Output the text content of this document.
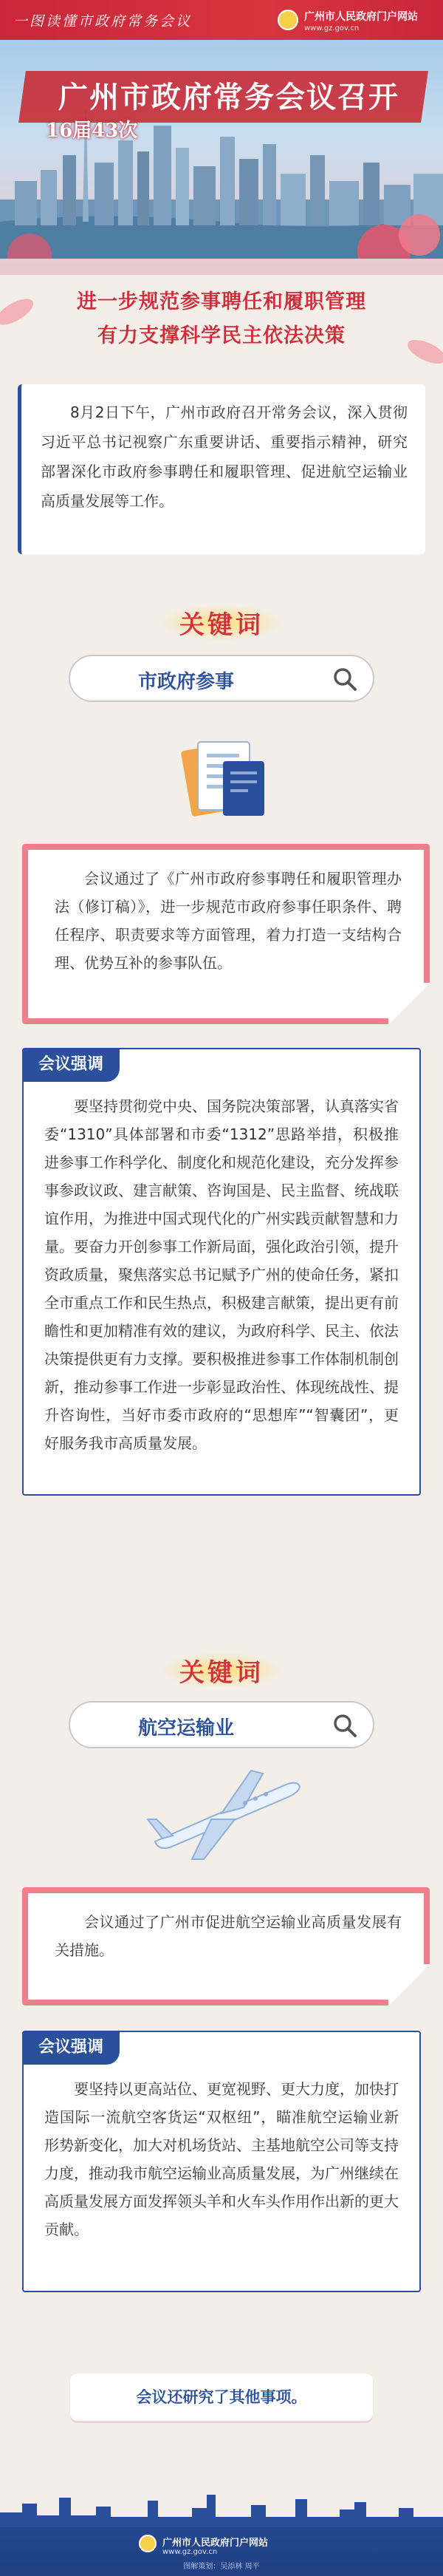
一图读懂市政府常务会议	广州市人民政府门户网站
www.gz.gov.cn
广州市政府常务会议召开
16届43次
进一步规范参事聘任和履职管理
有力支撑科学民主依法决策

8月2日下午，广州市政府召开常务会议，深入贯彻习近平总书记视察广东重要讲话、重要指示精神，研究部署深化市政府参事聘任和履职管理、促进航空运输业高质量发展等工作。

关键词
市政府参事

会议通过了《广州市政府参事聘任和履职管理办法（修订稿）》，进一步规范市政府参事任职条件、聘任程序、职责要求等方面管理，着力打造一支结构合理、优势互补的参事队伍。

会议强调

要坚持贯彻党中央、国务院决策部署，认真落实省委“1310”具体部署和市委“1312”思路举措，积极推进参事工作科学化、制度化和规范化建设，充分发挥参事参政议政、建言献策、咨询国是、民主监督、统战联谊作用，为推进中国式现代化的广州实践贡献智慧和力量。要奋力开创参事工作新局面，强化政治引领，提升资政质量，聚焦落实总书记赋予广州的使命任务，紧扣全市重点工作和民生热点，积极建言献策，提出更有前瞻性和更加精准有效的建议，为政府科学、民主、依法决策提供更有力支撑。要积极推进参事工作体制机制创新，推动参事工作进一步彰显政治性、体现统战性、提升咨询性，当好市委市政府的“思想库”“智囊团”，更好服务我市高质量发展。

关键词
航空运输业

会议通过了广州市促进航空运输业高质量发展有关措施。

会议强调

要坚持以更高站位、更宽视野、更大力度，加快打造国际一流航空客货运“双枢纽”，瞄准航空运输业新形势新变化，加大对机场货站、主基地航空公司等支持力度，推动我市航空运输业高质量发展，为广州继续在高质量发展方面发挥领头羊和火车头作用作出新的更大贡献。

会议还研究了其他事项。
广州市人民政府门户网站
www.gz.gov.cn
图解策划：吴添林 周平
